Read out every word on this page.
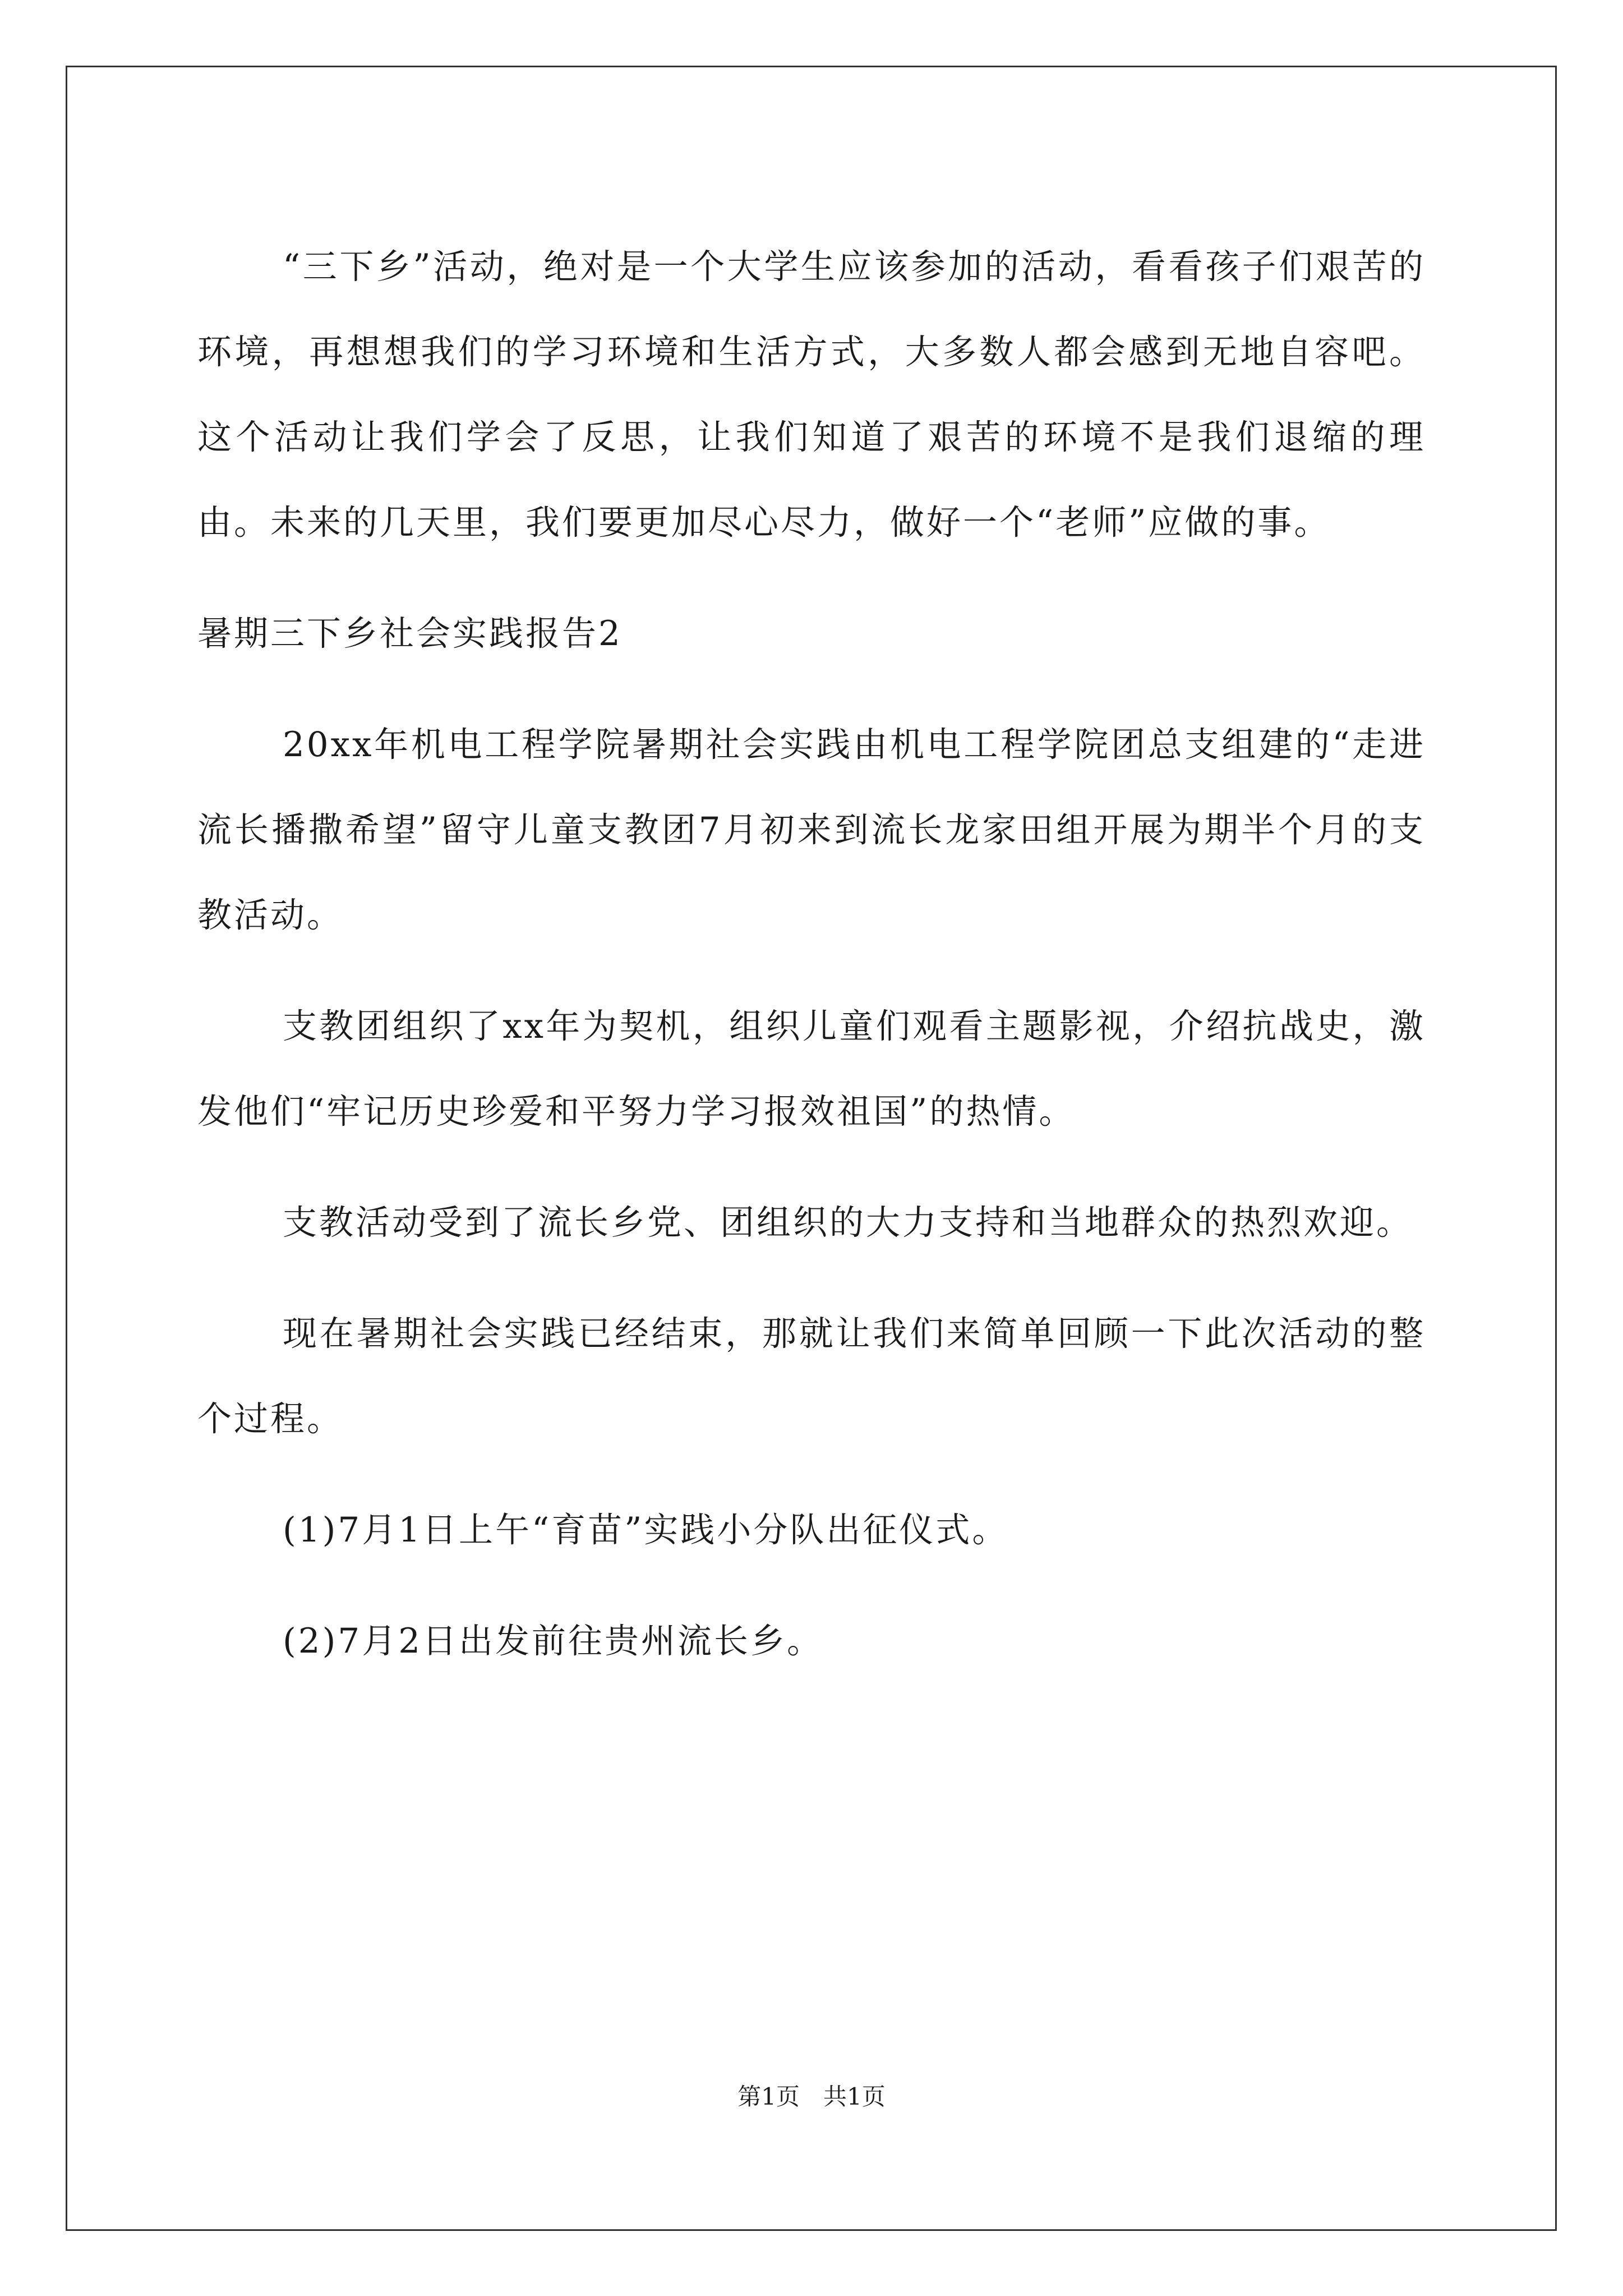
“三下乡”活动，绝对是一个大学生应该参加的活动，看看孩子们艰苦的环境，再想想我们的学习环境和生活方式，大多数人都会感到无地自容吧。这个活动让我们学会了反思，让我们知道了艰苦的环境不是我们退缩的理由。未来的几天里，我们要更加尽心尽力，做好一个“老师”应做的事。

暑期三下乡社会实践报告2

20xx年机电工程学院暑期社会实践由机电工程学院团总支组建的“走进流长播撒希望”留守儿童支教团7月初来到流长龙家田组开展为期半个月的支教活动。

支教团组织了xx年为契机，组织儿童们观看主题影视，介绍抗战史，激发他们“牢记历史珍爱和平努力学习报效祖国”的热情。

支教活动受到了流长乡党、团组织的大力支持和当地群众的热烈欢迎。

现在暑期社会实践已经结束，那就让我们来简单回顾一下此次活动的整个过程。

(1)7月1日上午“育苗”实践小分队出征仪式。

(2)7月2日出发前往贵州流长乡。

第1页　共1页
